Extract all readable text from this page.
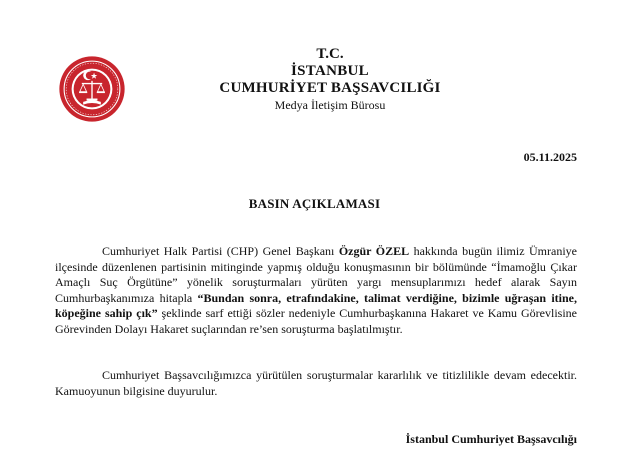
T.C.
İSTANBUL
CUMHURİYET BAŞSAVCILIĞI
Medya İletişim Bürosu
05.11.2025
BASIN AÇIKLAMASI

Cumhuriyet Halk Partisi (CHP) Genel Başkanı Özgür ÖZEL hakkında bugün ilimiz Ümraniye ilçesinde düzenlenen partisinin mitinginde yapmış olduğu konuşmasının bir bölümünde “İmamoğlu Çıkar Amaçlı Suç Örgütüne” yönelik soruşturmaları yürüten yargı mensuplarımızı hedef alarak Sayın Cumhurbaşkanımıza hitapla “Bundan sonra, etrafındakine, talimat verdiğine, bizimle uğraşan itine, köpeğine sahip çık” şeklinde sarf ettiği sözler nedeniyle Cumhurbaşkanına Hakaret ve Kamu Görevlisine Görevinden Dolayı Hakaret suçlarından re’sen soruşturma başlatılmıştır.

Cumhuriyet Başsavcılığımızca yürütülen soruşturmalar kararlılık ve titizlilikle devam edecektir. Kamuoyunun bilgisine duyurulur.

İstanbul Cumhuriyet Başsavcılığı
